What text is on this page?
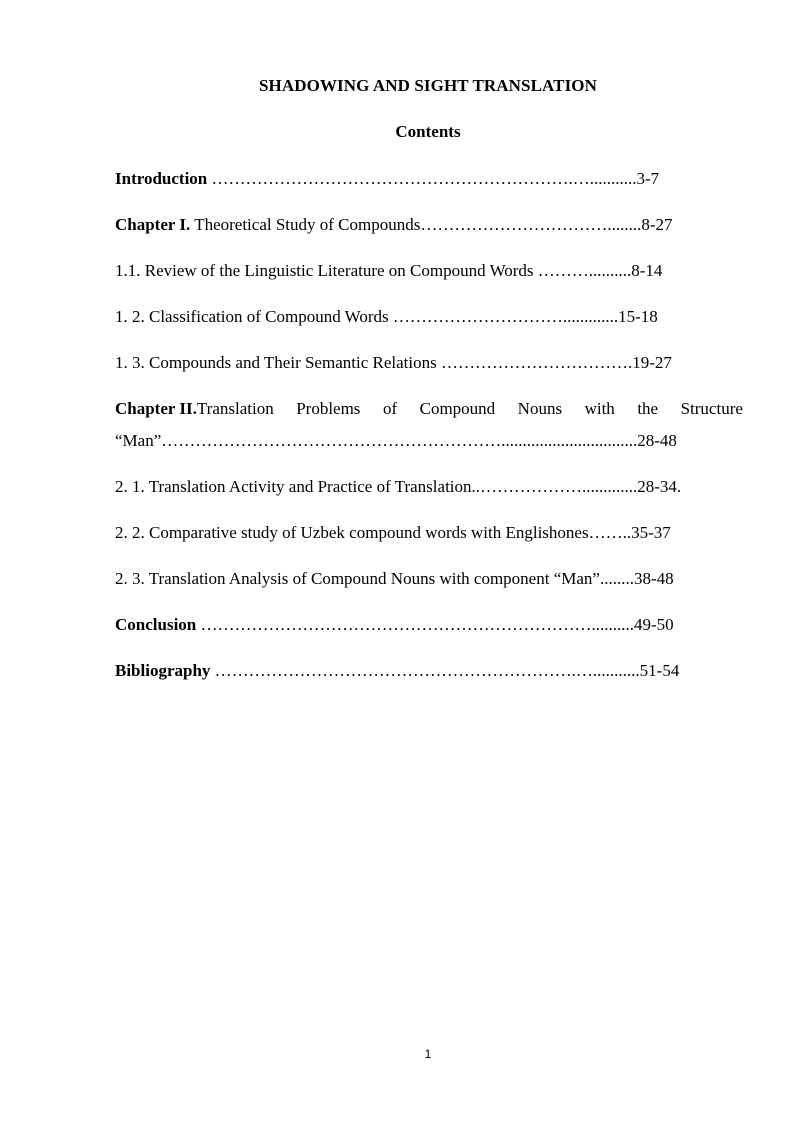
SHADOWING AND SIGHT TRANSLATION
Contents
Introduction ……………………………………………………….…...........3-7
Chapter I. Theoretical Study of Compounds……………………………........8-27
1.1. Review of the Linguistic Literature on Compound Words ………..........8-14
1. 2. Classification of Compound Words ………………………….............15-18
1. 3. Compounds and Their Semantic Relations …………………………….19-27
Chapter II.Translation Problems of Compound Nouns with the Structure
“Man”……………………………………………………................................28-48
2. 1. Translation Activity and Practice of Translation..……………….............28-34.
2. 2. Comparative study of Uzbek compound words with Englishones……..35-37
2. 3. Translation Analysis of Compound Nouns with component “Man”........38-48
Conclusion ……………………………………………………………..........49-50
Bibliography ……………………………………………………….…...........51-54
1
